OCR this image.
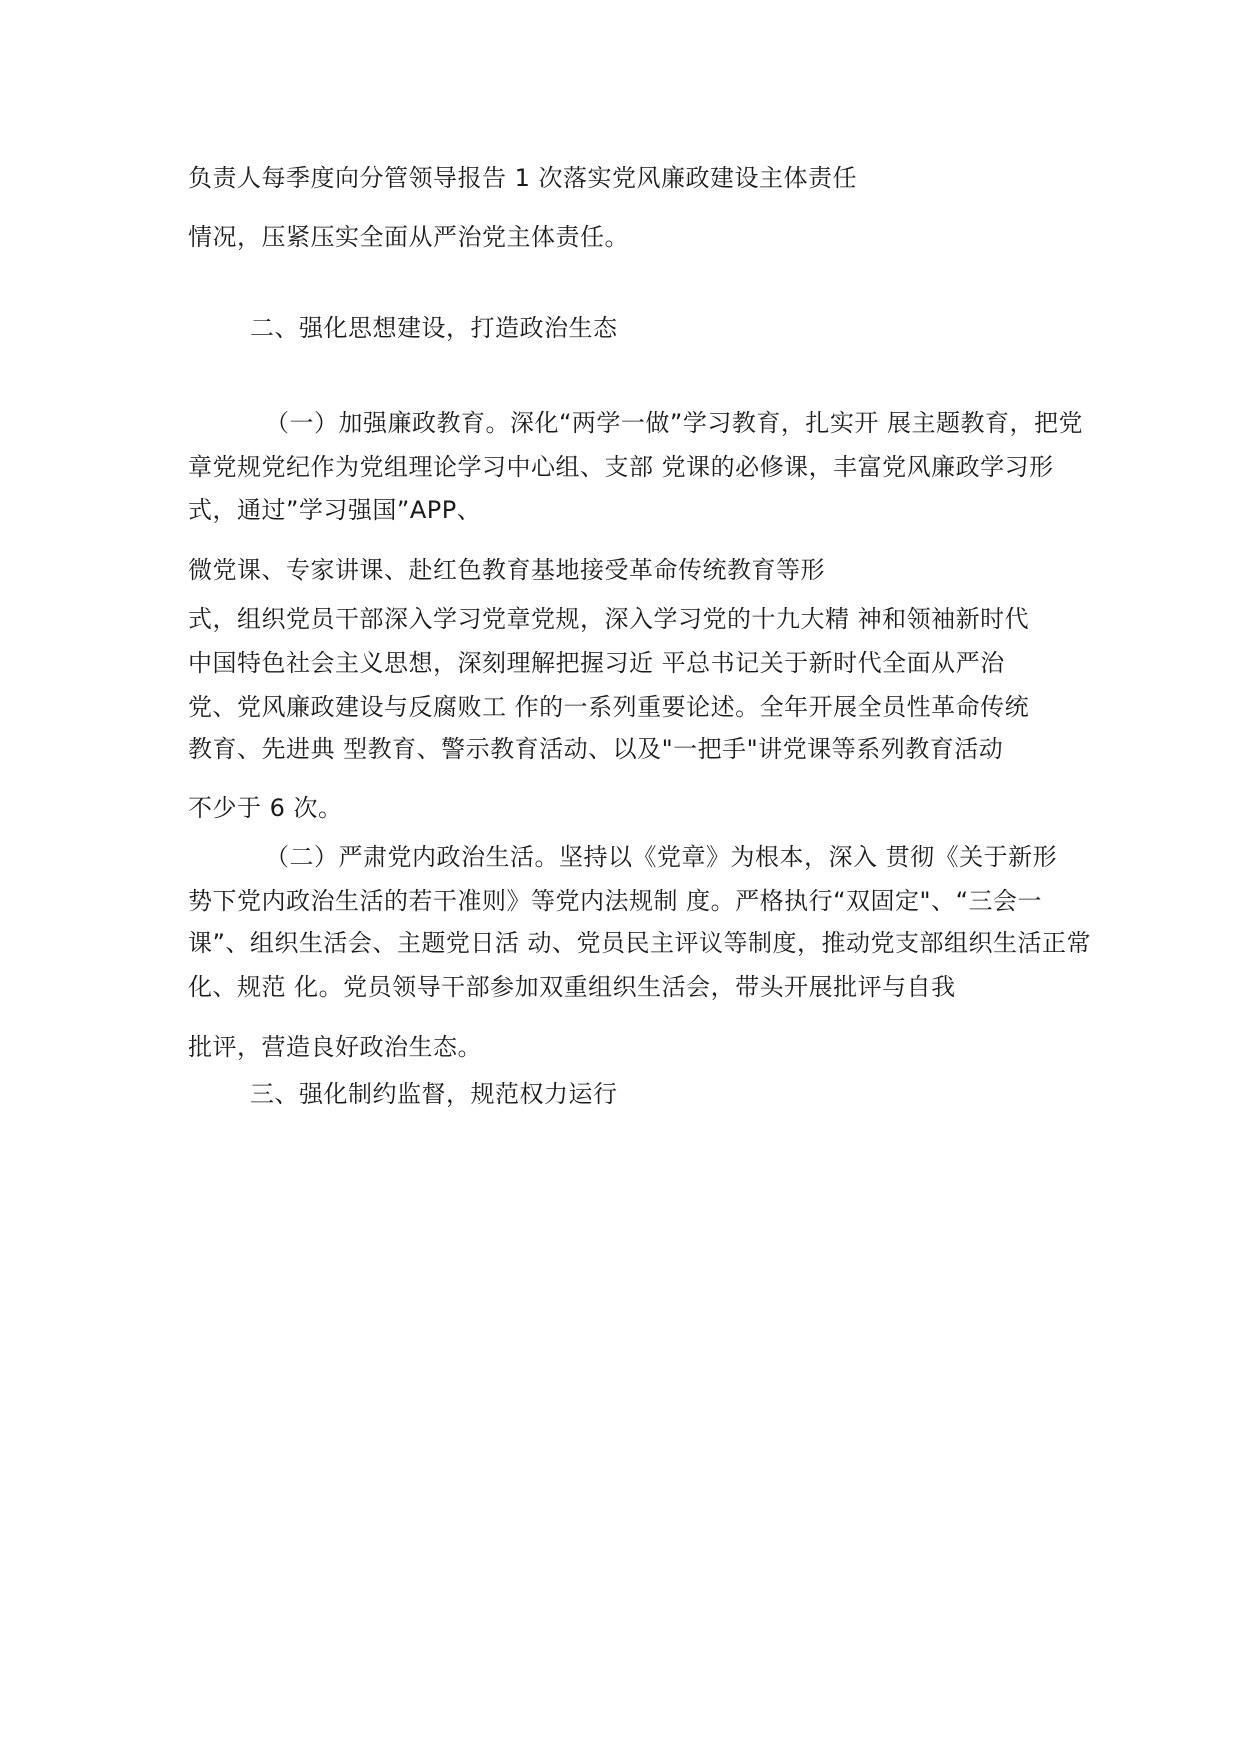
负责人每季度向分管领导报告 1 次落实党风廉政建设主体责任
情况，压紧压实全面从严治党主体责任。
二、强化思想建设，打造政治生态
（一）加强廉政教育。深化“两学一做”学习教育，扎实开 展主题教育，把党
章党规党纪作为党组理论学习中心组、支部 党课的必修课，丰富党风廉政学习形
式，通过”学习强国”APP、
微党课、专家讲课、赴红色教育基地接受革命传统教育等形
式，组织党员干部深入学习党章党规，深入学习党的十九大精 神和领袖新时代
中国特色社会主义思想，深刻理解把握习近 平总书记关于新时代全面从严治
党、党风廉政建设与反腐败工 作的一系列重要论述。全年开展全员性革命传统
教育、先进典 型教育、警示教育活动、以及"一把手"讲党课等系列教育活动
不少于 6 次。
（二）严肃党内政治生活。坚持以《党章》为根本，深入 贯彻《关于新形
势下党内政治生活的若干准则》等党内法规制 度。严格执行“双固定"、“三会一
课”、组织生活会、主题党日活 动、党员民主评议等制度，推动党支部组织生活正常
化、规范 化。党员领导干部参加双重组织生活会，带头开展批评与自我
批评，营造良好政治生态。
三、强化制约监督，规范权力运行
